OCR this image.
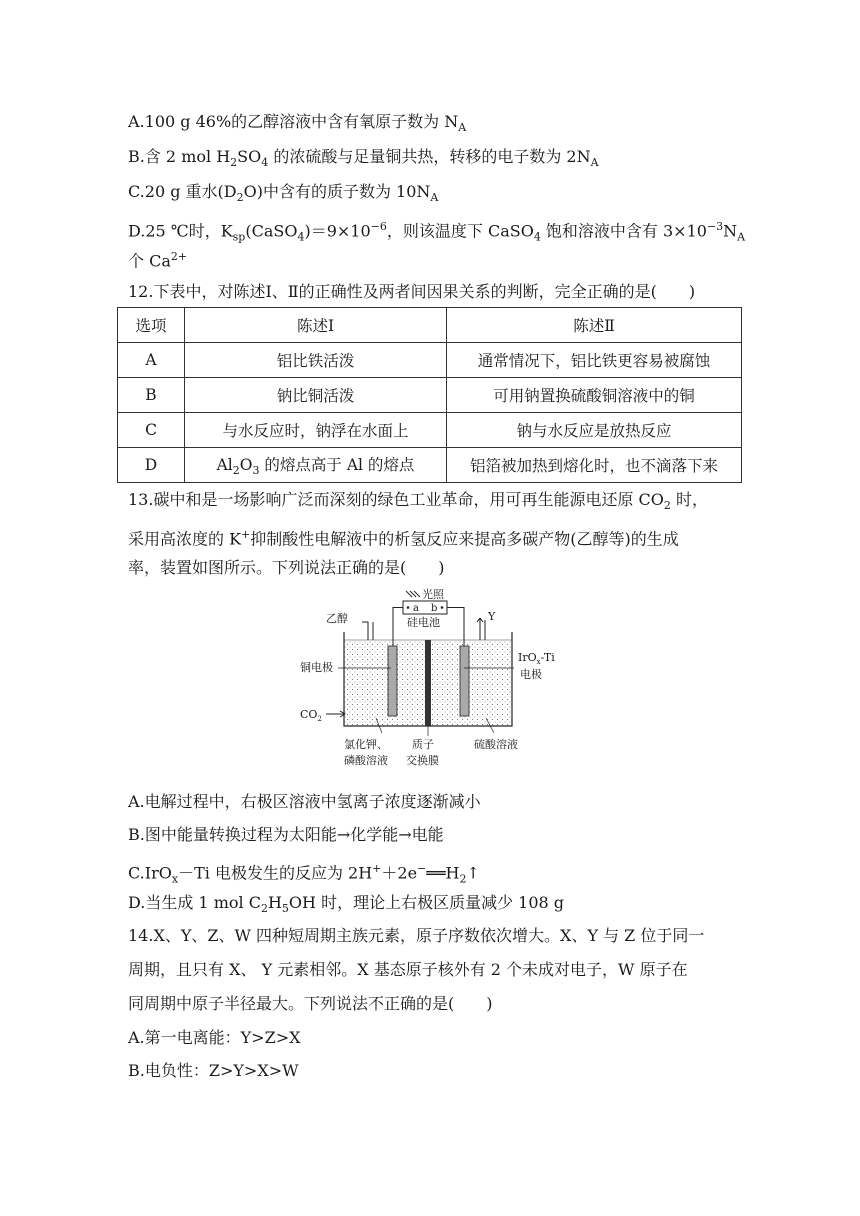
A.100 g 46%的乙醇溶液中含有氧原子数为 $N_A$
B.含 2 mol $H_2SO_4$ 的浓硫酸与足量铜共热，转移的电子数为 $2N_A$
C.20 g 重水$(D_2O)$中含有的质子数为 $10N_A$
D.25 ℃时，$K_{sp}(CaSO_4)=9\times 10^{-6}$，则该温度下 CaSO$_4$ 饱和溶液中含有 $3\times 10^{-3}N_A$
个 $Ca^{2+}$
12.下表中，对陈述Ⅰ、Ⅱ的正确性及两者间因果关系的判断，完全正确的是(　　)
选项	陈述Ⅰ	陈述Ⅱ
A	铝比铁活泼	通常情况下，铝比铁更容易被腐蚀
B	钠比铜活泼	可用钠置换硫酸铜溶液中的铜
C	与水反应时，钠浮在水面上	钠与水反应是放热反应
D	$Al_2O_3$ 的熔点高于 Al 的熔点	铝箔被加热到熔化时，也不滴落下来
13.碳中和是一场影响广泛而深刻的绿色工业革命，用可再生能源电还原 $CO_2$ 时，
采用高浓度的 K+抑制酸性电解液中的析氢反应来提高多碳产物(乙醇等)的生成
率，装置如图所示。下列说法正确的是(　　)
光照
a b
硅电池
乙醇	Y
$CO_2$
铜电极
IrO$_x$-Ti
电极
氯化钾、
磷酸溶液
质子
交换膜
硫酸溶液
A.电解过程中，右极区溶液中氢离子浓度逐渐减小
B.图中能量转换过程为太阳能→化学能→电能
C.IrO$_x$－Ti 电极发生的反应为 $2H^++2e^-══H_2↑$
D.当生成 1 mol $C_2H_5OH$ 时，理论上右极区质量减少 108 g
14.X、Y、Z、W 四种短周期主族元素，原子序数依次增大。X、Y 与 Z 位于同一
周期，且只有 X、 Y 元素相邻。X 基态原子核外有 2 个未成对电子，W 原子在
同周期中原子半径最大。下列说法不正确的是(　　)
A.第一电离能：Y>Z>X
B.电负性：Z>Y>X>W
